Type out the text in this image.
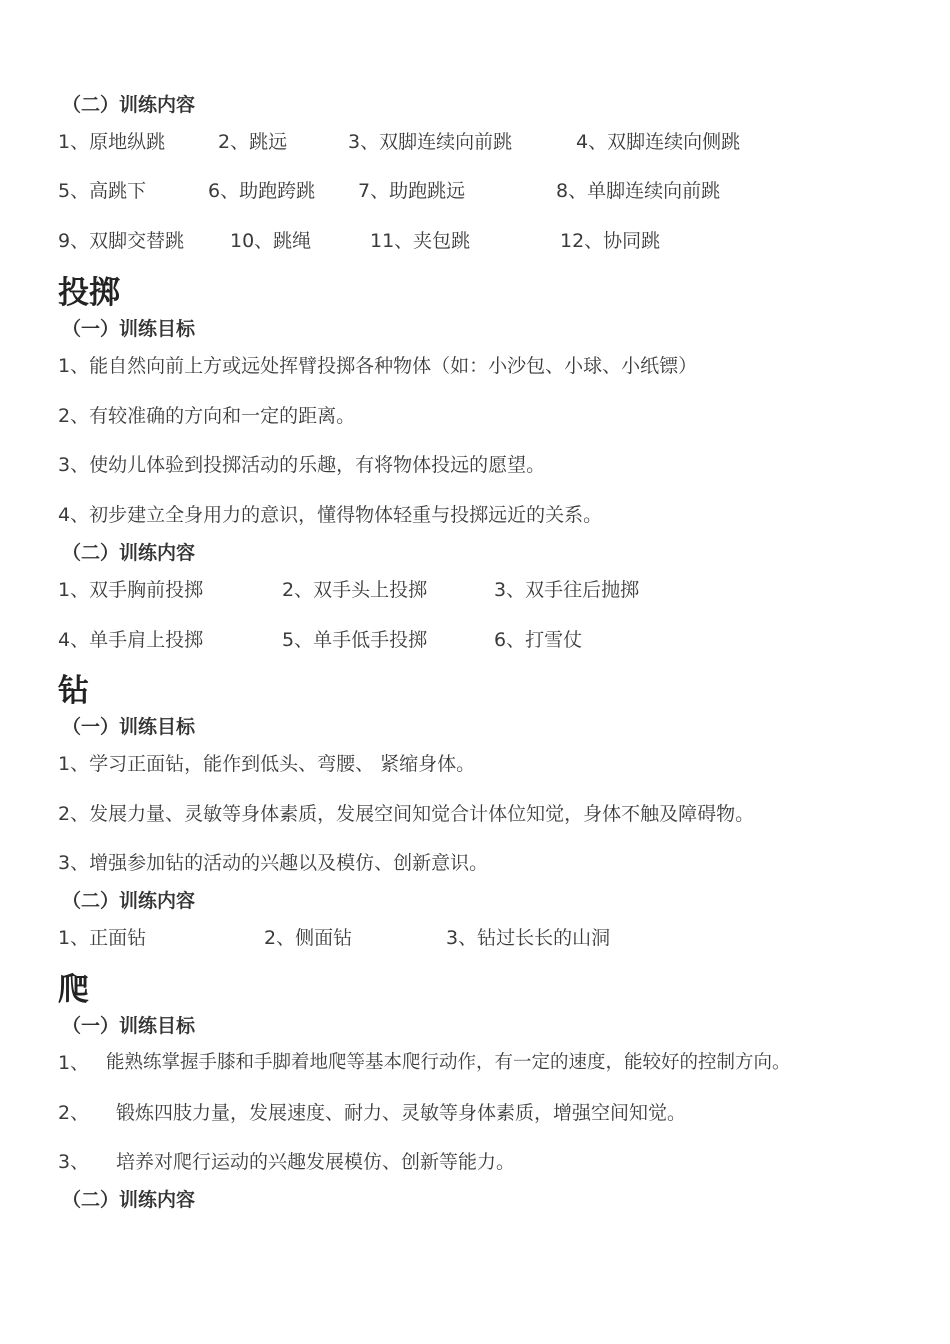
（二）训练内容
1、原地纵跳	2、跳远	3、双脚连续向前跳	4、双脚连续向侧跳
5、高跳下	6、助跑跨跳 7、助跑跳远	8、单脚连续向前跳
9、双脚交替跳 10、跳绳	11、夹包跳	12、协同跳
投掷
（一）训练目标
1、能自然向前上方或远处挥臂投掷各种物体（如：小沙包、小球、小纸镖）
2、有较准确的方向和一定的距离。
3、使幼儿体验到投掷活动的乐趣，有将物体投远的愿望。
4、初步建立全身用力的意识，懂得物体轻重与投掷远近的关系。
（二）训练内容
1、双手胸前投掷	2、双手头上投掷	3、双手往后抛掷
4、单手肩上投掷	5、单手低手投掷	6、打雪仗
钻
（一）训练目标
1、学习正面钻，能作到低头、弯腰、 紧缩身体。
2、发展力量、灵敏等身体素质，发展空间知觉合计体位知觉，身体不触及障碍物。
3、增强参加钻的活动的兴趣以及模仿、创新意识。
（二）训练内容
1、正面钻	2、侧面钻	3、钻过长长的山洞
爬
（一）训练目标
1、 能熟练掌握手膝和手脚着地爬等基本爬行动作，有一定的速度，能较好的控制方向。
2、 锻炼四肢力量，发展速度、耐力、灵敏等身体素质，增强空间知觉。
3、 培养对爬行运动的兴趣发展模仿、创新等能力。
（二）训练内容
